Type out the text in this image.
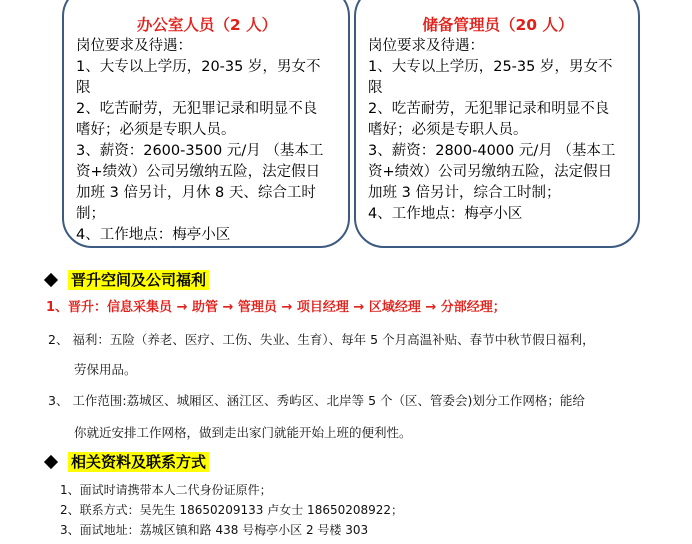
办公室人员（2 人）

岗位要求及待遇：

1、大专以上学历，20-35 岁，男女不

限

2、吃苦耐劳，无犯罪记录和明显不良

嗜好；必须是专职人员。

3、薪资：2600-3500 元/月 （基本工

资+绩效）公司另缴纳五险，法定假日

加班 3 倍另计，月休 8 天、综合工时

制；

4、工作地点：梅亭小区

储备管理员（20 人）

岗位要求及待遇：

1、大专以上学历，25-35 岁，男女不

限

2、吃苦耐劳，无犯罪记录和明显不良

嗜好；必须是专职人员。

3、薪资：2800-4000 元/月 （基本工

资+绩效）公司另缴纳五险，法定假日

加班 3 倍另计，综合工时制；

4、工作地点：梅亭小区

晋升空间及公司福利
1、晋升：信息采集员 → 助管 → 管理员 → 项目经理 → 区域经理 → 分部经理；
2、 福利：五险（养老、医疗、工伤、失业、生育）、每年 5 个月高温补贴、春节中秋节假日福利，
劳保用品。
3、 工作范围:荔城区、城厢区、涵江区、秀屿区、北岸等 5 个（区、管委会)划分工作网格；能给
你就近安排工作网格，做到走出家门就能开始上班的便利性。
相关资料及联系方式
1、面试时请携带本人二代身份证原件；
2、联系方式：吴先生 18650209133 卢女士 18650208922；
3、面试地址：荔城区镇和路 438 号梅亭小区 2 号楼 303
